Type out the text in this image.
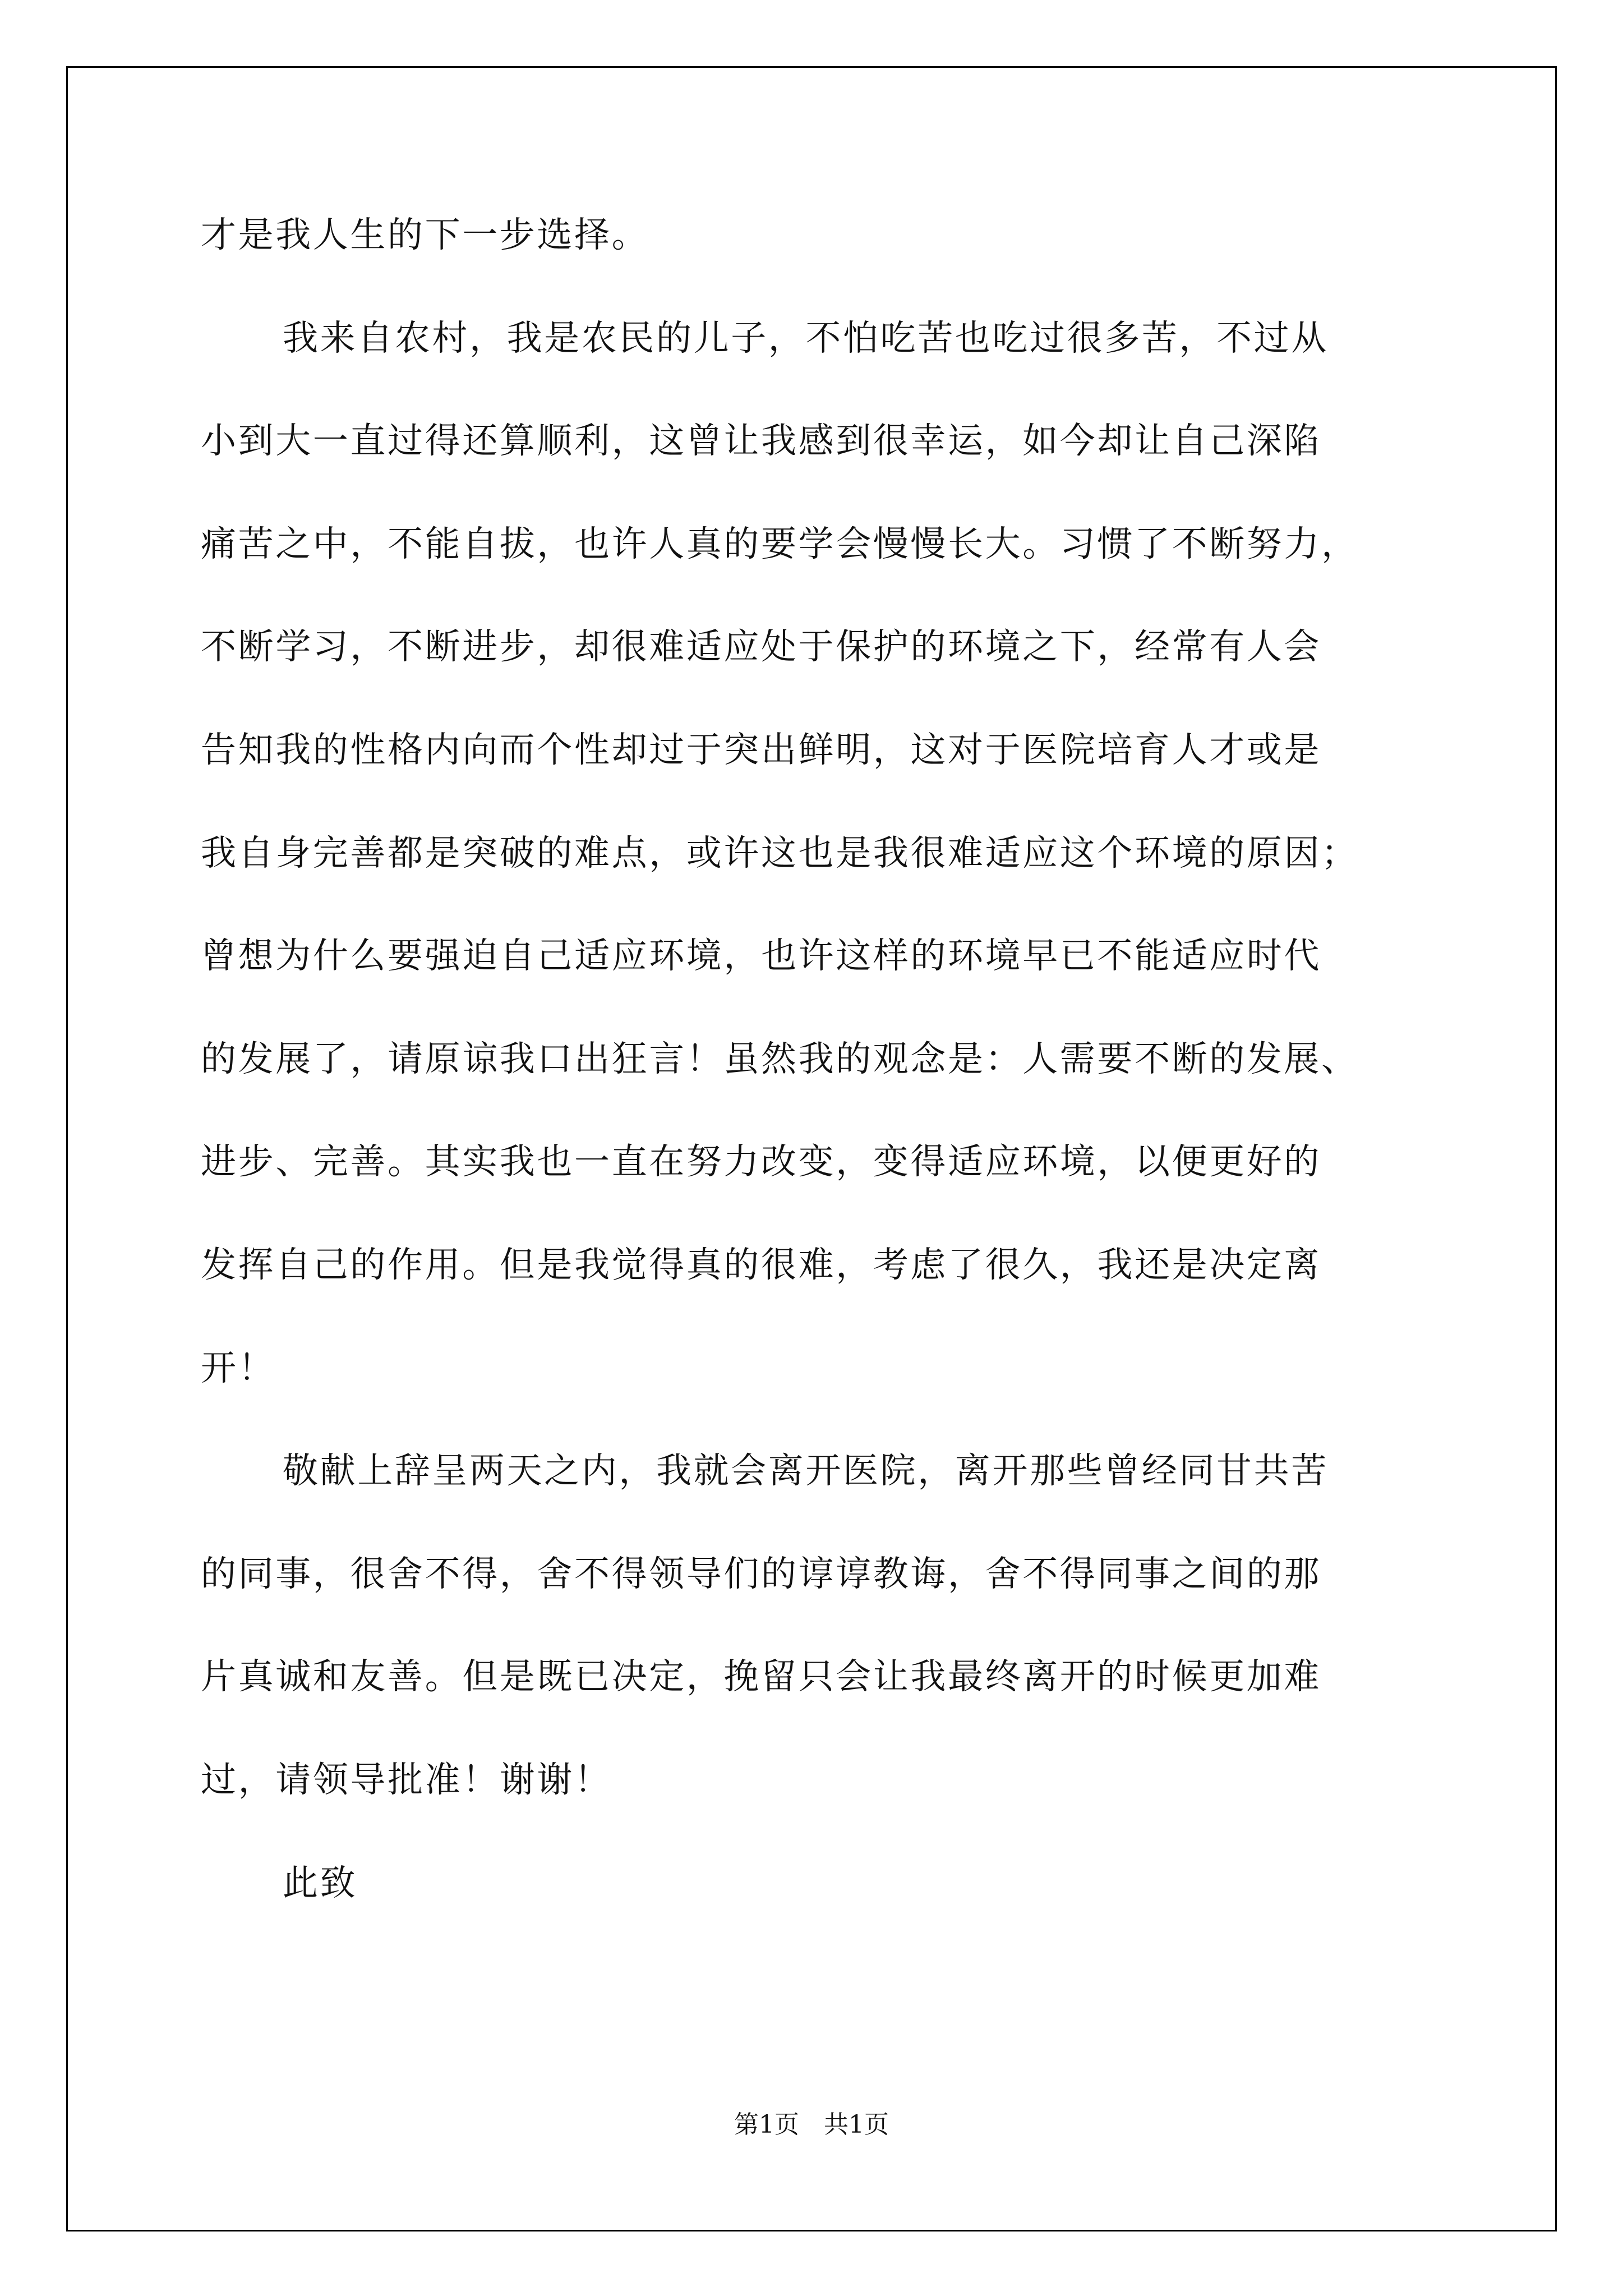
才是我人生的下一步选择。
我来自农村，我是农民的儿子，不怕吃苦也吃过很多苦，不过从
小到大一直过得还算顺利，这曾让我感到很幸运，如今却让自己深陷
痛苦之中，不能自拔，也许人真的要学会慢慢长大。习惯了不断努力，
不断学习，不断进步，却很难适应处于保护的环境之下，经常有人会
告知我的性格内向而个性却过于突出鲜明，这对于医院培育人才或是
我自身完善都是突破的难点，或许这也是我很难适应这个环境的原因；
曾想为什么要强迫自己适应环境，也许这样的环境早已不能适应时代
的发展了，请原谅我口出狂言！虽然我的观念是：人需要不断的发展、
进步、完善。其实我也一直在努力改变，变得适应环境，以便更好的
发挥自己的作用。但是我觉得真的很难，考虑了很久，我还是决定离
开！
敬献上辞呈两天之内，我就会离开医院，离开那些曾经同甘共苦
的同事，很舍不得，舍不得领导们的谆谆教诲，舍不得同事之间的那
片真诚和友善。但是既已决定，挽留只会让我最终离开的时候更加难
过，请领导批准！谢谢！
此致
第1页　共1页
